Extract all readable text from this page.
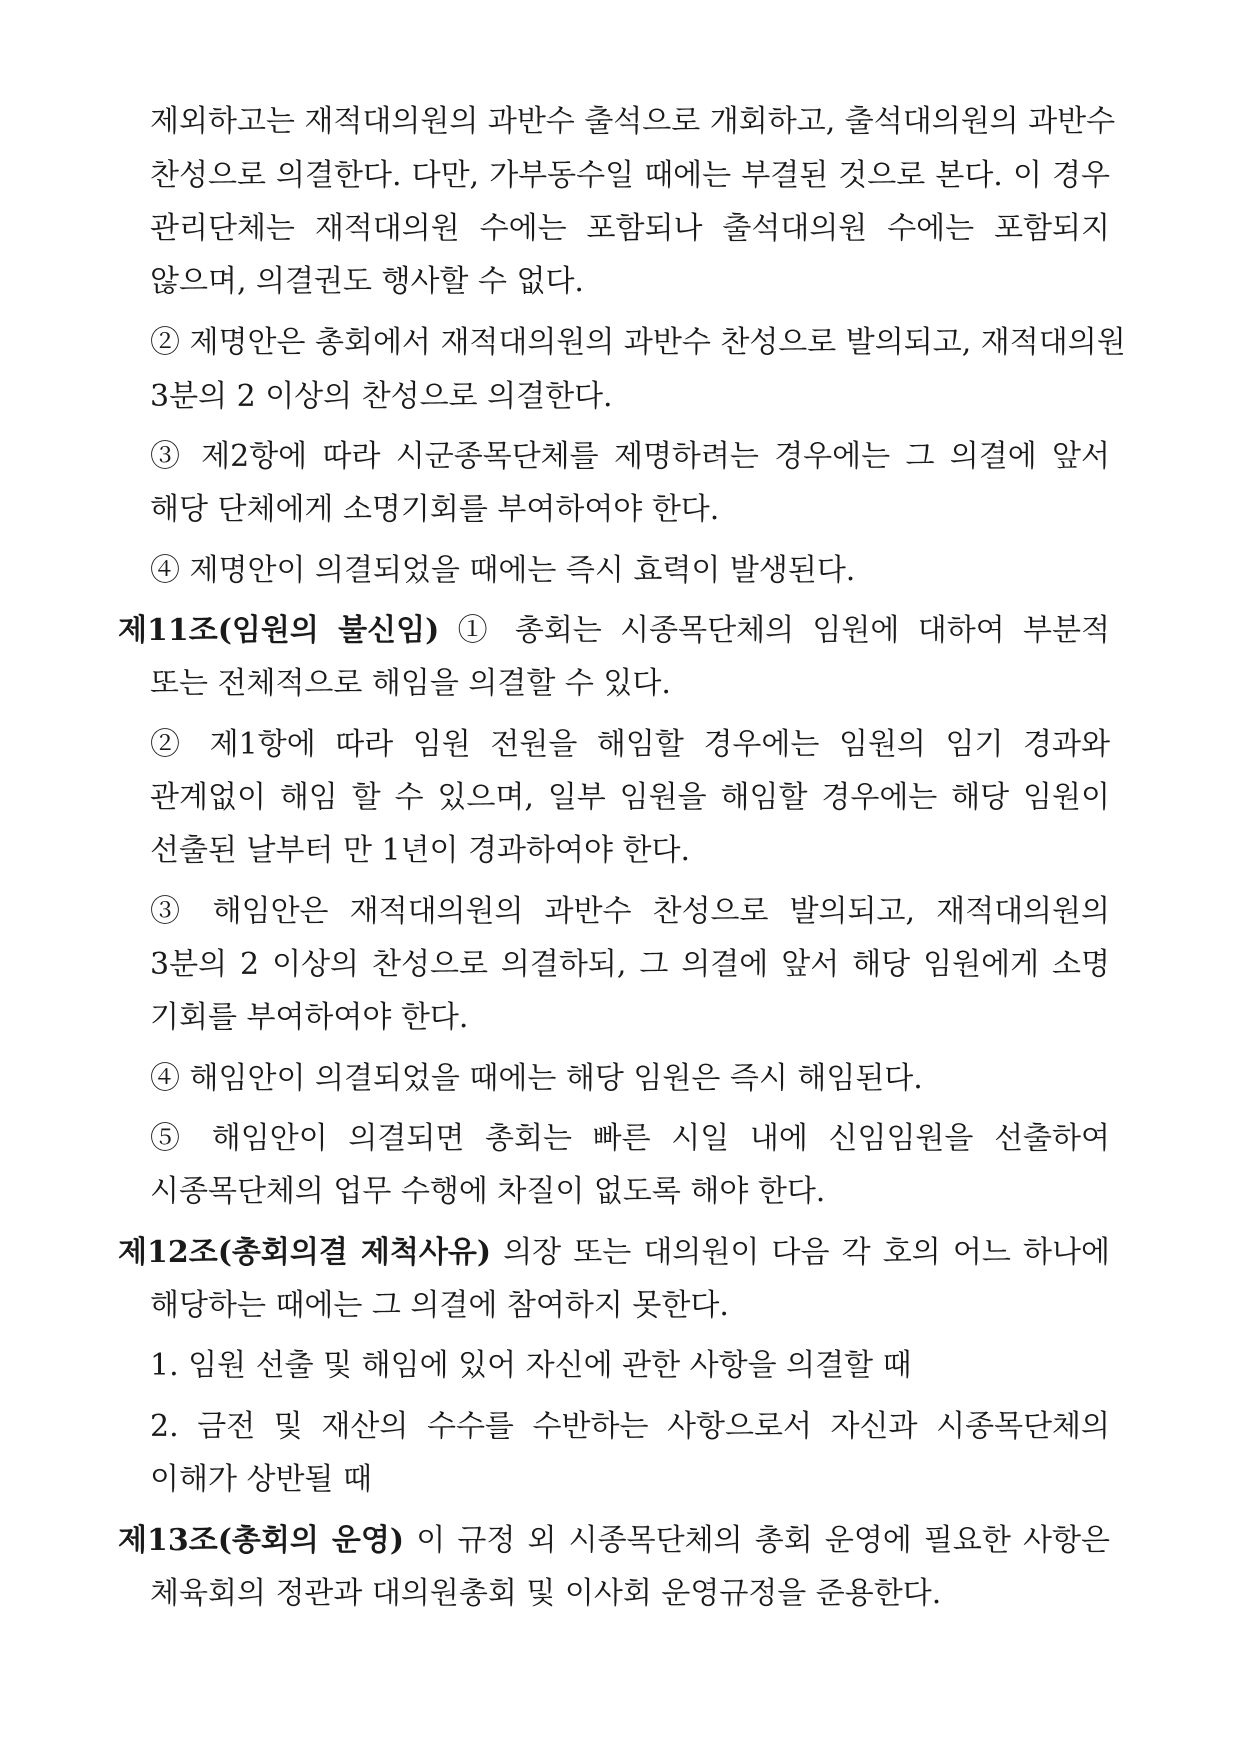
제외하고는 재적대의원의 과반수 출석으로 개회하고, 출석대의원의 과반수
찬성으로 의결한다. 다만, 가부동수일 때에는 부결된 것으로 본다. 이 경우
관리단체는 재적대의원 수에는 포함되나 출석대의원 수에는 포함되지
않으며, 의결권도 행사할 수 없다.
② 제명안은 총회에서 재적대의원의 과반수 찬성으로 발의되고, 재적대의원
3분의 2 이상의 찬성으로 의결한다.
③ 제2항에 따라 시군종목단체를 제명하려는 경우에는 그 의결에 앞서
해당 단체에게 소명기회를 부여하여야 한다.
④ 제명안이 의결되었을 때에는 즉시 효력이 발생된다.
제11조(임원의 불신임) ① 총회는 시종목단체의 임원에 대하여 부분적
또는 전체적으로 해임을 의결할 수 있다.
② 제1항에 따라 임원 전원을 해임할 경우에는 임원의 임기 경과와
관계없이 해임 할 수 있으며, 일부 임원을 해임할 경우에는 해당 임원이
선출된 날부터 만 1년이 경과하여야 한다.
③ 해임안은 재적대의원의 과반수 찬성으로 발의되고, 재적대의원의
3분의 2 이상의 찬성으로 의결하되, 그 의결에 앞서 해당 임원에게 소명
기회를 부여하여야 한다.
④ 해임안이 의결되었을 때에는 해당 임원은 즉시 해임된다.
⑤ 해임안이 의결되면 총회는 빠른 시일 내에 신임임원을 선출하여
시종목단체의 업무 수행에 차질이 없도록 해야 한다.
제12조(총회의결 제척사유) 의장 또는 대의원이 다음 각 호의 어느 하나에
해당하는 때에는 그 의결에 참여하지 못한다.
1. 임원 선출 및 해임에 있어 자신에 관한 사항을 의결할 때
2. 금전 및 재산의 수수를 수반하는 사항으로서 자신과 시종목단체의
이해가 상반될 때
제13조(총회의 운영) 이 규정 외 시종목단체의 총회 운영에 필요한 사항은
체육회의 정관과 대의원총회 및 이사회 운영규정을 준용한다.
